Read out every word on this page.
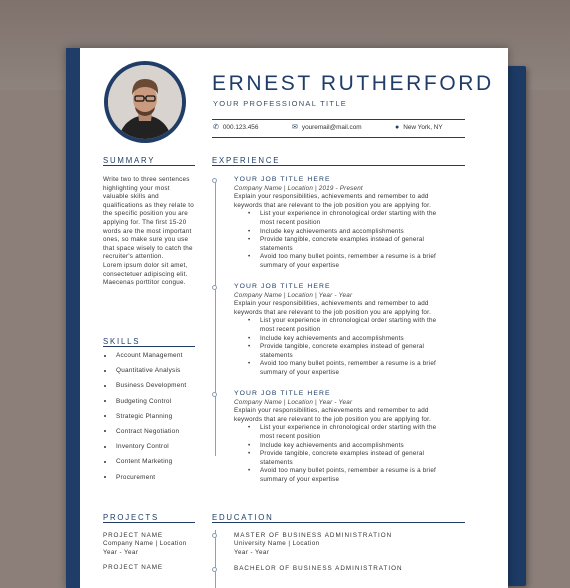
ERNEST RUTHERFORD
YOUR PROFESSIONAL TITLE
✆ 000.123.456	✉ youremail@mail.com	● New York, NY
SUMMARY

Write two to three sentences

highlighting your most

valuable skills and

qualifications as they relate to

the specific position you are

applying for. The first 15-20

words are the most important

ones, so make sure you use

that space wisely to catch the

recruiter's attention.

Lorem ipsum dolor sit amet,

consectetuer adipiscing elit.

Maecenas porttitor congue.

SKILLS
Account Management
Quantitative Analysis
Business Development
Budgeting Control
Strategic Planning
Contract Negotiation
Inventory Control
Content Marketing
Procurement
EXPERIENCE
YOUR JOB TITLE HERE
Company Name | Location | 2019 - Present
Explain your responsibilities, achievements and remember to add
keywords that are relevant to the job position you are applying for.
• List your experience in chronological order starting with the
most recent position
• Include key achievements and accomplishments
• Provide tangible, concrete examples instead of general
statements
• Avoid too many bullet points, remember a resume is a brief
summary of your expertise
YOUR JOB TITLE HERE
Company Name | Location | Year - Year
Explain your responsibilities, achievements and remember to add
keywords that are relevant to the job position you are applying for.
• List your experience in chronological order starting with the
most recent position
• Include key achievements and accomplishments
• Provide tangible, concrete examples instead of general
statements
• Avoid too many bullet points, remember a resume is a brief
summary of your expertise
YOUR JOB TITLE HERE
Company Name | Location | Year - Year
Explain your responsibilities, achievements and remember to add
keywords that are relevant to the job position you are applying for.
• List your experience in chronological order starting with the
most recent position
• Include key achievements and accomplishments
• Provide tangible, concrete examples instead of general
statements
• Avoid too many bullet points, remember a resume is a brief
summary of your expertise
PROJECTS
PROJECT NAME
Company Name | Location
Year - Year
PROJECT NAME
EDUCATION
MASTER OF BUSINESS ADMINISTRATION
University Name | Location
Year - Year
BACHELOR OF BUSINESS ADMINISTRATION
